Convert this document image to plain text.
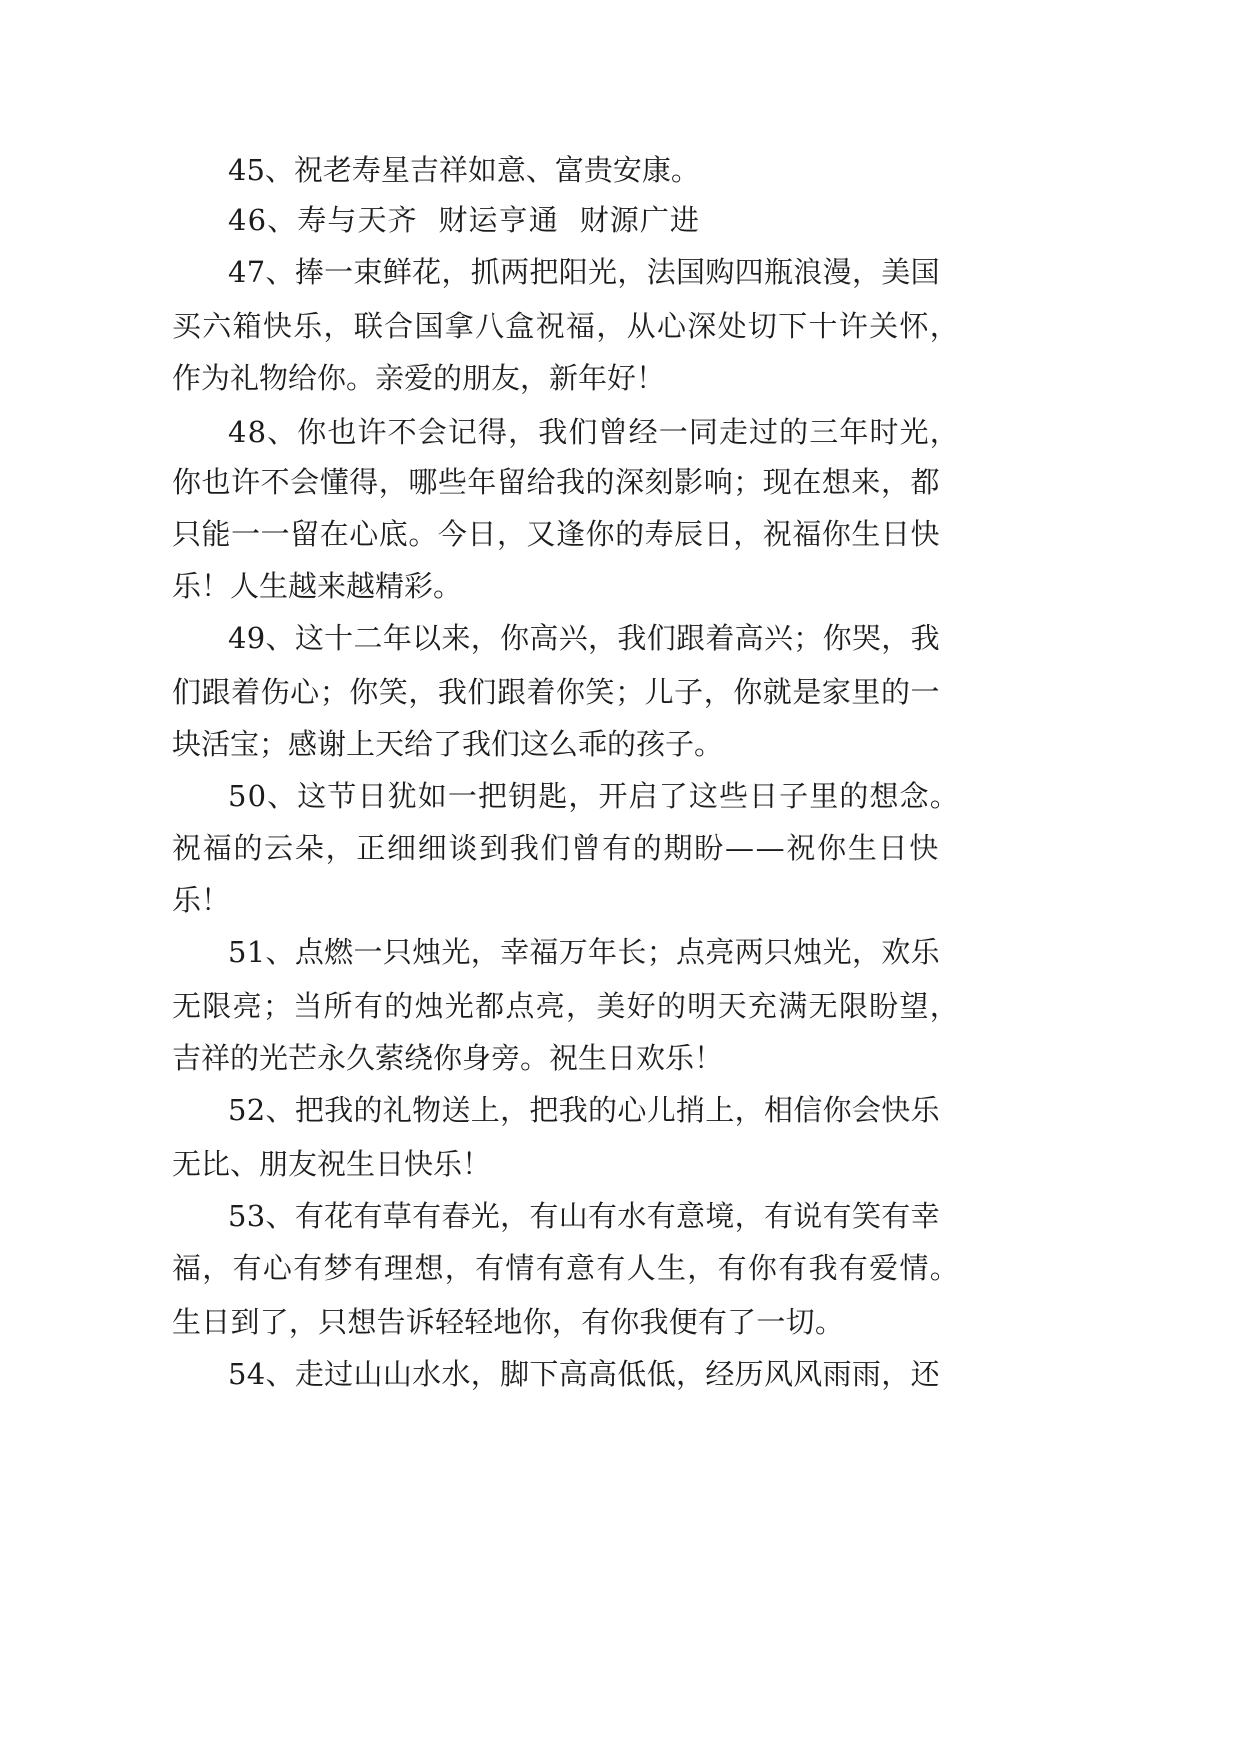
45、祝老寿星吉祥如意、富贵安康。
46、寿与天齐  财运亨通  财源广进
47、捧一束鲜花，抓两把阳光，法国购四瓶浪漫，美国
买六箱快乐，联合国拿八盒祝福，从心深处切下十许关怀，
作为礼物给你。亲爱的朋友，新年好！
48、你也许不会记得，我们曾经一同走过的三年时光，
你也许不会懂得，哪些年留给我的深刻影响；现在想来，都
只能一一留在心底。今日，又逢你的寿辰日，祝福你生日快
乐！人生越来越精彩。
49、这十二年以来，你高兴，我们跟着高兴；你哭，我
们跟着伤心；你笑，我们跟着你笑；儿子，你就是家里的一
块活宝；感谢上天给了我们这么乖的孩子。
50、这节日犹如一把钥匙，开启了这些日子里的想念。
祝福的云朵，正细细谈到我们曾有的期盼——祝你生日快
乐！
51、点燃一只烛光，幸福万年长；点亮两只烛光，欢乐
无限亮；当所有的烛光都点亮，美好的明天充满无限盼望，
吉祥的光芒永久萦绕你身旁。祝生日欢乐！
52、把我的礼物送上，把我的心儿捎上，相信你会快乐
无比、朋友祝生日快乐！
53、有花有草有春光，有山有水有意境，有说有笑有幸
福，有心有梦有理想，有情有意有人生，有你有我有爱情。
生日到了，只想告诉轻轻地你，有你我便有了一切。
54、走过山山水水，脚下高高低低，经历风风雨雨，还
